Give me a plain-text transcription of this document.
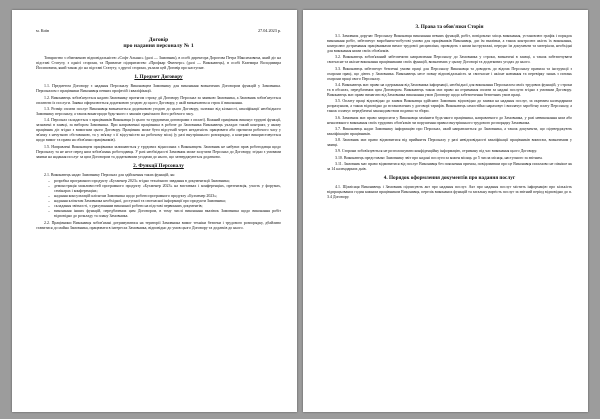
м. Київ	27.04.2023 р.
Договір
про надання персоналу № 1

Товариство з обмеженою відповідальністю «Софт Альянс» (далі — Замовник), в особі директора Дорогова Петра Максимовича, який діє на підставі Статуту, з однієї сторони, та Приватне підприємство «Профкар Фьючерс» (далі — Виконавець), в особі Каземира Володимира Йосиповича, який також діє на підставі Статуту, з другої сторони, уклали цей Договір про наступне.

1. Предмет Договору

1.1. Предметом Договору є надання Персоналу Виконавцем Замовнику для виконання визначених Договором функцій у Замовника. Персоналом є працівники Виконавця певних професій і кваліфікації.

1.2. Виконавець зобов'язується надати Замовнику протягом строку дії Договору Персонал за заявкою Замовника, а Замовник зобов'язується оплатити їх послуги. Заявка оформлюється додатковою угодою до цього Договору, у якій визначаються строк її виконання.

1.3. Розмір оплати послуг Виконавця визначається додатковою угодою до цього Договору, залежно від кількості, кваліфікації необхідного Замовнику персоналу, а також винагороди будь-якого з законів гранічного його робочого часу.

1.4. Персонал складається з працівників Виконавця (з цього та трудовими договорами з оплаті). Кожний працівник виконує трудові функції, зазначені в заявці, за вибором Замовника. При направленні працівника в робоче до Замовника Виконавець укладає такий контракт, у якому працівник діє згідно з вимогами цього Договору. Працівник може бути відсутній через нездатність працювати або протягом робочого часу у зв'язку з нечутною обставиною, та у зв'язку з її відсутністю на робочому місці (у разі внутрішнього розпорядку, а контракт використовується щодо вимог та права на обов'язки працівників).

1.5. Направлені Виконавцем працівники залишаються у трудових відносинах з Виконавцем. Замовник не набуває прав роботодавця щодо Персоналу та не несе перед ним зобов'язань роботодавця. У разі необхідності Замовник може залучати Персонал до Договору, згідно з умовами заявки на надання послуг за цим Договором та додатковими угодами до нього, що затверджуються додатково.

2. Функції Персоналу

2.1. Виконавець надає Замовнику Персонал для здійснення таких функцій, як:

– розробка програмного продукту «Бухменер 2023» згідно технічного завдання в документації Замовника;
– демонстрація можливостей програмного продукту «Бухменер 2023» на виставках і конференціях, презентація, участь у форумах, семінарах і конференціях;
– надання консультацій клієнтам Замовника щодо роботи програмного продукту «Бухменер 2023»;
– надання клієнтам Замовника необхідної, доступної та своєчасної інформації про продукти Замовника;
– складання звітності, з урахуванням виконаної роботи на підставі первинних документів;
– виконання інших функцій, передбачених цим Договором, в тому числі виконання вказівок Замовника щодо виконання робіт відповідно до розкладу та плану Замовника.

2.2. Працівники Виконавця зобов'язані дотримуватися на території Замовника вимог техніки безпеки і трудового розпорядку, дбайливо ставитися до майна Замовника, працювати в інтересах Замовника, відповідно до умов цього Договору та додатків до нього.

3. Права та обов'язки Сторін

3.1. Замовник доручає Персоналу Виконавця виконання певних функцій, робіт, повідомляє місць виконання, установлює графік і порядок виконання робіт, забезпечує виробничо-побутові умови для працівників Виконавця, дає їм вказівки, а також контролює якість їх виконання, контролює дотримання працівниками вимог трудової дисципліни, проводить з ними інструктажі, передає їм документи та матеріали, необхідні для виконання ними своїх обов'язків.

3.2. Виконавець зобов'язаний забезпечити направлення Персоналу до Замовника у строки, визначені в заявці, а також забезпечувати своєчасне та якісне виконання працівниками своїх функцій, визначених у цьому Договорі та додаткових угодах до нього.

3.3. Виконавець забезпечує безпечні умови праці для Персоналу Виконавця та доводить до відома Персоналу правила та інструкції з охорони праці, що діють у Замовника. Виконавець несе повну відповідальність за своєчасне і якісне навчання та перевірку знань з питань охорони праці свого Персоналу.

3.4. Виконавець має право на одержання від Замовника інформації, необхідної для виконання Персоналом своїх трудових функцій, у строки та в обсягах, передбачених цим Договором. Виконавець також має право на отримання оплати за надані послуги згідно з умовами Договору. Виконавець має право вимагати від Замовника виконання умов Договору щодо забезпечення безпечних умов праці.

3.5. Оплату праці відповідно до заявок Виконавця здійснює Замовник відповідно до заявки на надання послуг, за окремим календарним розрахунком, а також відповідно до встановлених у договорі тарифів. Виконавець самостійно нараховує і виплачує заробітну плату Персоналу, а також сплачує передбачені законодавством податки та збори.

3.6. Замовник має право запросити у Виконавця замінити будь-якого працівника, направленого до Замовника, у разі невиконання ним або неналежного виконання своїх трудових обов'язків чи порушення правил внутрішнього трудового розпорядку Замовника.

3.7. Виконавець надає Замовнику інформацію про Персонал, який направляється до Замовника, а також документи, що підтверджують кваліфікацію працівників.

3.8. Замовник має право відмовитися від прийняття Персоналу у разі невідповідності кваліфікації працівників вимогам, визначеним у заявці.

3.9. Сторони зобов'язуються не розголошувати конфіденційну інформацію, отриману під час виконання цього Договору.

3.10. Виконавець представляє Замовнику звіт про надані послуги за кожен місяць до 5 числа місяця, наступного за звітним.

3.11. Замовник має право відмовитися від послуг Виконавця без пояснення причин, повідомивши про це Виконавця письмово не пізніше як за 14 календарних днів.

4. Порядок оформлення документів про надання послуг

4.1. Щомісяця Виконавець і Замовник підписують акт про надання послуг. Акт про надання послуг містить інформацію про кількість відпрацьованих годин кожним працівником Виконавця, перелік виконаних функцій та загальну вартість послуг за звітний період відповідно до п. 3.4 Договору.
